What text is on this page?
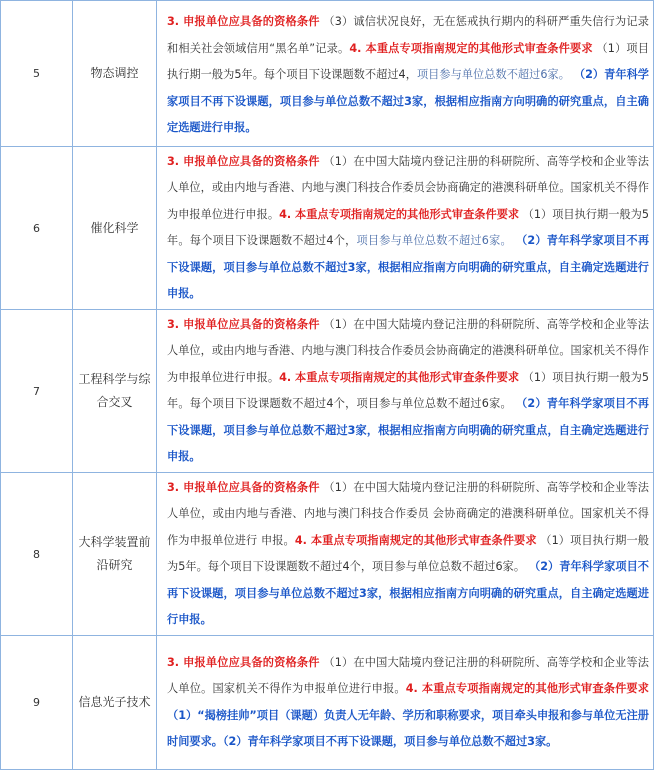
5	物态调控	3. 申报单位应具备的资格条件 （3）诚信状况良好，无在惩戒执行期内的科研严重失信行为记录和相关社会领域信用“黑名单”记录。4. 本重点专项指南规定的其他形式审查条件要求 （1）项目执行期一般为5年。每个项目下设课题数不超过4，项目参与单位总数不超过6家。 （2）青年科学家项目不再下设课题，项目参与单位总数不超过3家，根据相应指南方向明确的研究重点，自主确定选题进行申报。
6	催化科学	3. 申报单位应具备的资格条件 （1）在中国大陆境内登记注册的科研院所、高等学校和企业等法人单位，或由内地与香港、内地与澳门科技合作委员会协商确定的港澳科研单位。国家机关不得作为申报单位进行申报。4. 本重点专项指南规定的其他形式审查条件要求 （1）项目执行期一般为5年。每个项目下设课题数不超过4个，项目参与单位总数不超过6家。 （2）青年科学家项目不再下设课题，项目参与单位总数不超过3家，根据相应指南方向明确的研究重点，自主确定选题进行申报。
7	工程科学与综合交叉	3. 申报单位应具备的资格条件 （1）在中国大陆境内登记注册的科研院所、高等学校和企业等法人单位，或由内地与香港、内地与澳门科技合作委员会协商确定的港澳科研单位。国家机关不得作为申报单位进行申报。4. 本重点专项指南规定的其他形式审查条件要求 （1）项目执行期一般为5年。每个项目下设课题数不超过4个，项目参与单位总数不超过6家。 （2）青年科学家项目不再下设课题，项目参与单位总数不超过3家，根据相应指南方向明确的研究重点，自主确定选题进行申报。
8	大科学装置前沿研究	3. 申报单位应具备的资格条件 （1）在中国大陆境内登记注册的科研院所、高等学校和企业等法人单位，或由内地与香港、内地与澳门科技合作委员 会协商确定的港澳科研单位。国家机关不得作为申报单位进行 申报。4. 本重点专项指南规定的其他形式审查条件要求 （1）项目执行期一般为5年。每个项目下设课题数不超过4个，项目参与单位总数不超过6家。 （2）青年科学家项目不再下设课题，项目参与单位总数不超过3家，根据相应指南方向明确的研究重点，自主确定选题进行申报。
9	信息光子技术	3. 申报单位应具备的资格条件 （1）在中国大陆境内登记注册的科研院所、高等学校和企业等法人单位。国家机关不得作为申报单位进行申报。4. 本重点专项指南规定的其他形式审查条件要求 （1）“揭榜挂帅”项目（课题）负责人无年龄、学历和职称要求，项目牵头申报和参与单位无注册时间要求。（2）青年科学家项目不再下设课题，项目参与单位总数不超过3家。
